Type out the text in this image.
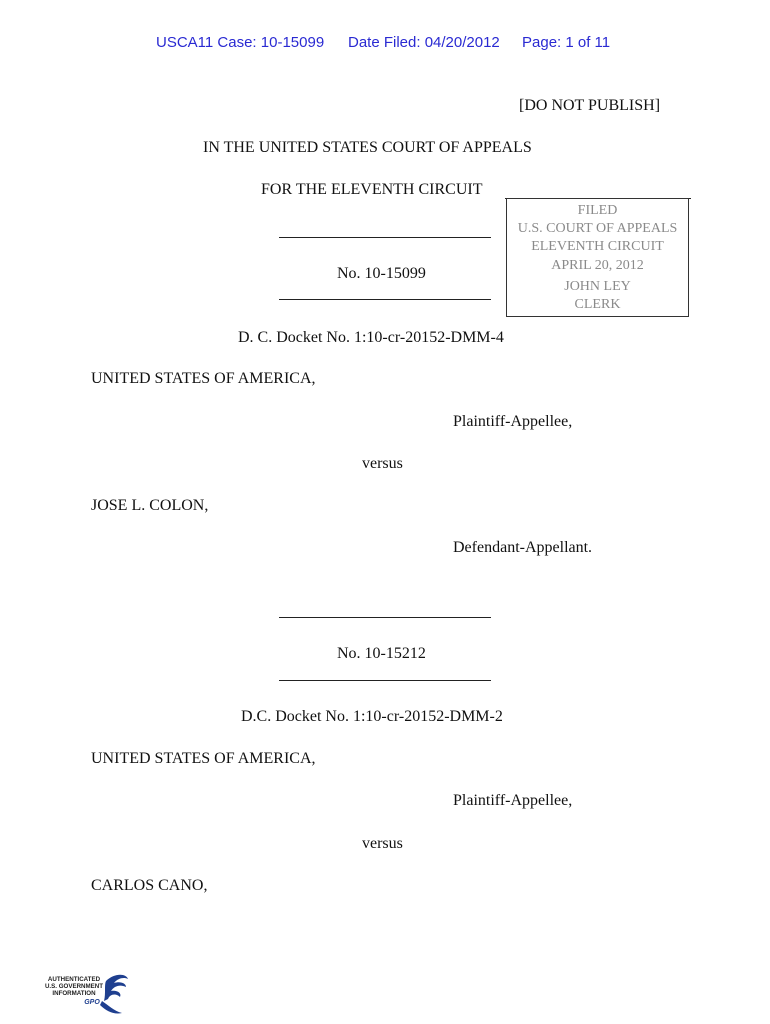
USCA11 Case: 10-15099 Date Filed: 04/20/2012 Page: 1 of 11
[DO NOT PUBLISH]
IN THE UNITED STATES COURT OF APPEALS
FOR THE ELEVENTH CIRCUIT
No. 10-15099
FILED
U.S. COURT OF APPEALS
ELEVENTH CIRCUIT
APRIL 20, 2012
JOHN LEY
CLERK
D. C. Docket No. 1:10-cr-20152-DMM-4
UNITED STATES OF AMERICA,
Plaintiff-Appellee,
versus
JOSE L. COLON,
Defendant-Appellant.
No. 10-15212
D.C. Docket No. 1:10-cr-20152-DMM-2
UNITED STATES OF AMERICA,
Plaintiff-Appellee,
versus
CARLOS CANO,
AUTHENTICATED
U.S. GOVERNMENT
INFORMATION
GPO
